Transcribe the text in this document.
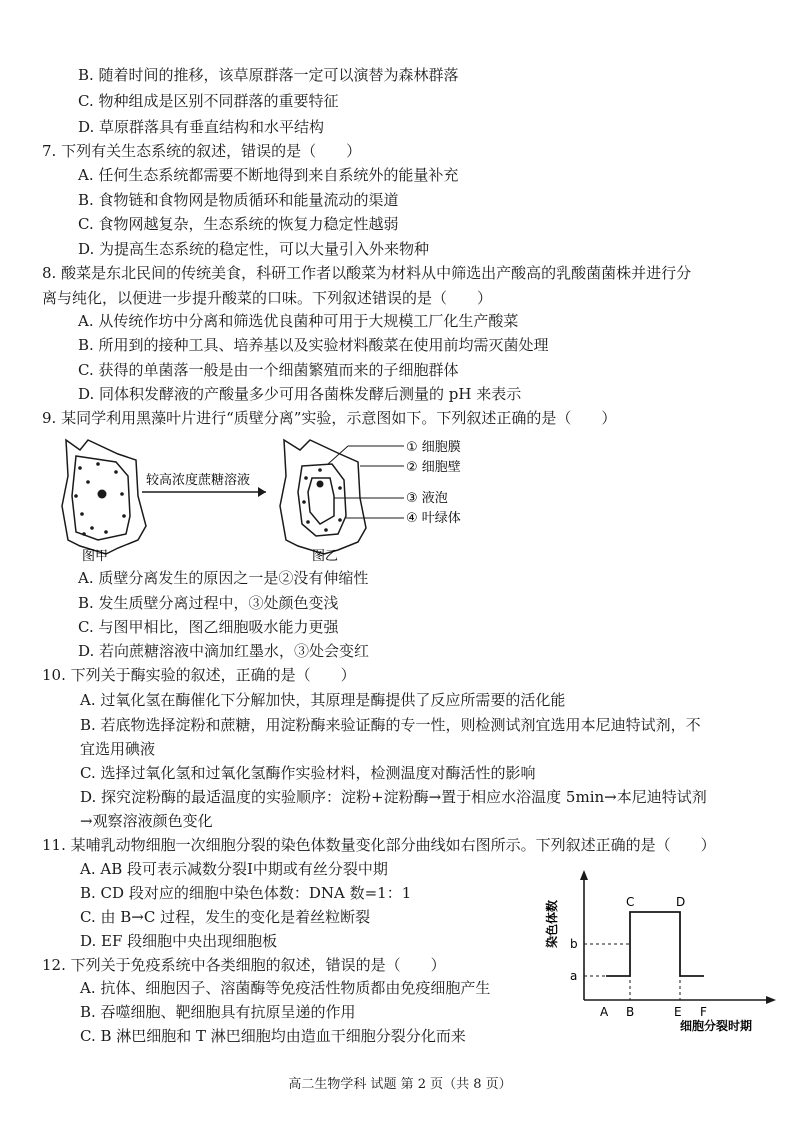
B. 随着时间的推移，该草原群落一定可以演替为森林群落
C. 物种组成是区别不同群落的重要特征
D. 草原群落具有垂直结构和水平结构
7. 下列有关生态系统的叙述，错误的是（　　）
A. 任何生态系统都需要不断地得到来自系统外的能量补充
B. 食物链和食物网是物质循环和能量流动的渠道
C. 食物网越复杂，生态系统的恢复力稳定性越弱
D. 为提高生态系统的稳定性，可以大量引入外来物种
8. 酸菜是东北民间的传统美食，科研工作者以酸菜为材料从中筛选出产酸高的乳酸菌菌株并进行分
离与纯化，以便进一步提升酸菜的口味。下列叙述错误的是（　　）
A. 从传统作坊中分离和筛选优良菌种可用于大规模工厂化生产酸菜
B. 所用到的接种工具、培养基以及实验材料酸菜在使用前均需灭菌处理
C. 获得的单菌落一般是由一个细菌繁殖而来的子细胞群体
D. 同体积发酵液的产酸量多少可用各菌株发酵后测量的 pH 来表示
9. 某同学利用黑藻叶片进行“质壁分离”实验，示意图如下。下列叙述正确的是（　　）
图甲
较高浓度蔗糖溶液
图乙
① 细胞膜
② 细胞壁
③ 液泡
④ 叶绿体
A. 质壁分离发生的原因之一是②没有伸缩性
B. 发生质壁分离过程中，③处颜色变浅
C. 与图甲相比，图乙细胞吸水能力更强
D. 若向蔗糖溶液中滴加红墨水，③处会变红
10. 下列关于酶实验的叙述，正确的是（　　）
A. 过氧化氢在酶催化下分解加快，其原理是酶提供了反应所需要的活化能
B. 若底物选择淀粉和蔗糖，用淀粉酶来验证酶的专一性，则检测试剂宜选用本尼迪特试剂，不
宜选用碘液
C. 选择过氧化氢和过氧化氢酶作实验材料，检测温度对酶活性的影响
D. 探究淀粉酶的最适温度的实验顺序：淀粉+淀粉酶→置于相应水浴温度 5min→本尼迪特试剂
→观察溶液颜色变化
11. 某哺乳动物细胞一次细胞分裂的染色体数量变化部分曲线如右图所示。下列叙述正确的是（　　）
A. AB 段可表示减数分裂Ⅰ中期或有丝分裂中期
B. CD 段对应的细胞中染色体数：DNA 数=1：1
C. 由 B→C 过程，发生的变化是着丝粒断裂
D. EF 段细胞中央出现细胞板	染色体数 b
a
A B
C	D
E F
细胞分裂时期
12. 下列关于免疫系统中各类细胞的叙述，错误的是（　　）
A. 抗体、细胞因子、溶菌酶等免疫活性物质都由免疫细胞产生
B. 吞噬细胞、靶细胞具有抗原呈递的作用
C. B 淋巴细胞和 T 淋巴细胞均由造血干细胞分裂分化而来
高二生物学科 试题 第 2 页（共 8 页）
